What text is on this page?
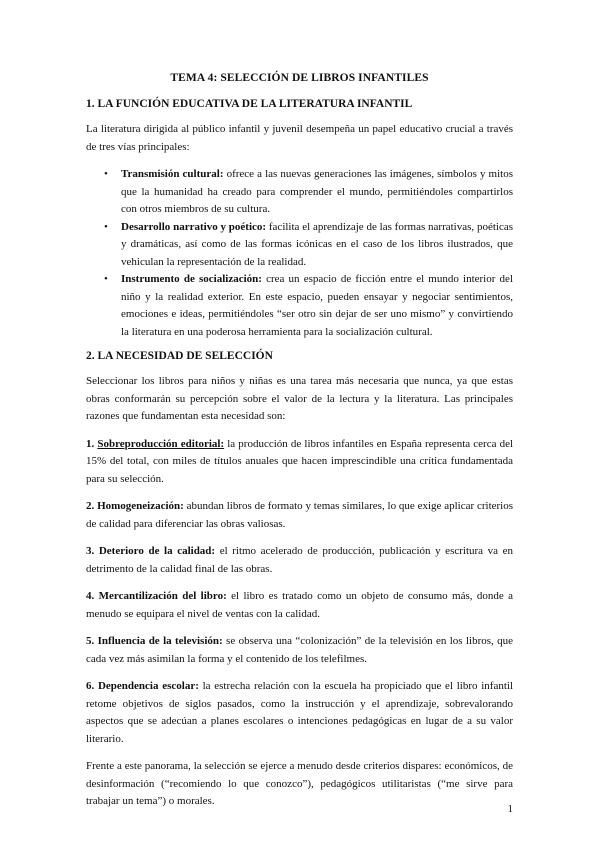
TEMA 4: SELECCIÓN DE LIBROS INFANTILES
1. LA FUNCIÓN EDUCATIVA DE LA LITERATURA INFANTIL

La literatura dirigida al público infantil y juvenil desempeña un papel educativo crucial a través de tres vías principales:

• Transmisión cultural: ofrece a las nuevas generaciones las imágenes, símbolos y mitos que la humanidad ha creado para comprender el mundo, permitiéndoles compartirlos con otros miembros de su cultura.
• Desarrollo narrativo y poético: facilita el aprendizaje de las formas narrativas, poéticas y dramáticas, así como de las formas icónicas en el caso de los libros ilustrados, que vehiculan la representación de la realidad.
• Instrumento de socialización: crea un espacio de ficción entre el mundo interior del niño y la realidad exterior. En este espacio, pueden ensayar y negociar sentimientos, emociones e ideas, permitiéndoles “ser otro sin dejar de ser uno mismo” y convirtiendo la literatura en una poderosa herramienta para la socialización cultural.
2. LA NECESIDAD DE SELECCIÓN

Seleccionar los libros para niños y niñas es una tarea más necesaria que nunca, ya que estas obras conformarán su percepción sobre el valor de la lectura y la literatura. Las principales razones que fundamentan esta necesidad son:

1. Sobreproducción editorial: la producción de libros infantiles en España representa cerca del 15% del total, con miles de títulos anuales que hacen imprescindible una crítica fundamentada para su selección.

2. Homogeneización: abundan libros de formato y temas similares, lo que exige aplicar criterios de calidad para diferenciar las obras valiosas.

3. Deterioro de la calidad: el ritmo acelerado de producción, publicación y escritura va en detrimento de la calidad final de las obras.

4. Mercantilización del libro: el libro es tratado como un objeto de consumo más, donde a menudo se equipara el nivel de ventas con la calidad.

5. Influencia de la televisión: se observa una “colonización” de la televisión en los libros, que cada vez más asimilan la forma y el contenido de los telefilmes.

6. Dependencia escolar: la estrecha relación con la escuela ha propiciado que el libro infantil retome objetivos de siglos pasados, como la instrucción y el aprendizaje, sobrevalorando aspectos que se adecúan a planes escolares o intenciones pedagógicas en lugar de a su valor literario.

Frente a este panorama, la selección se ejerce a menudo desde criterios dispares: económicos, de desinformación (“recomiendo lo que conozco”), pedagógicos utilitaristas (“me sirve para trabajar un tema”) o morales.

1
